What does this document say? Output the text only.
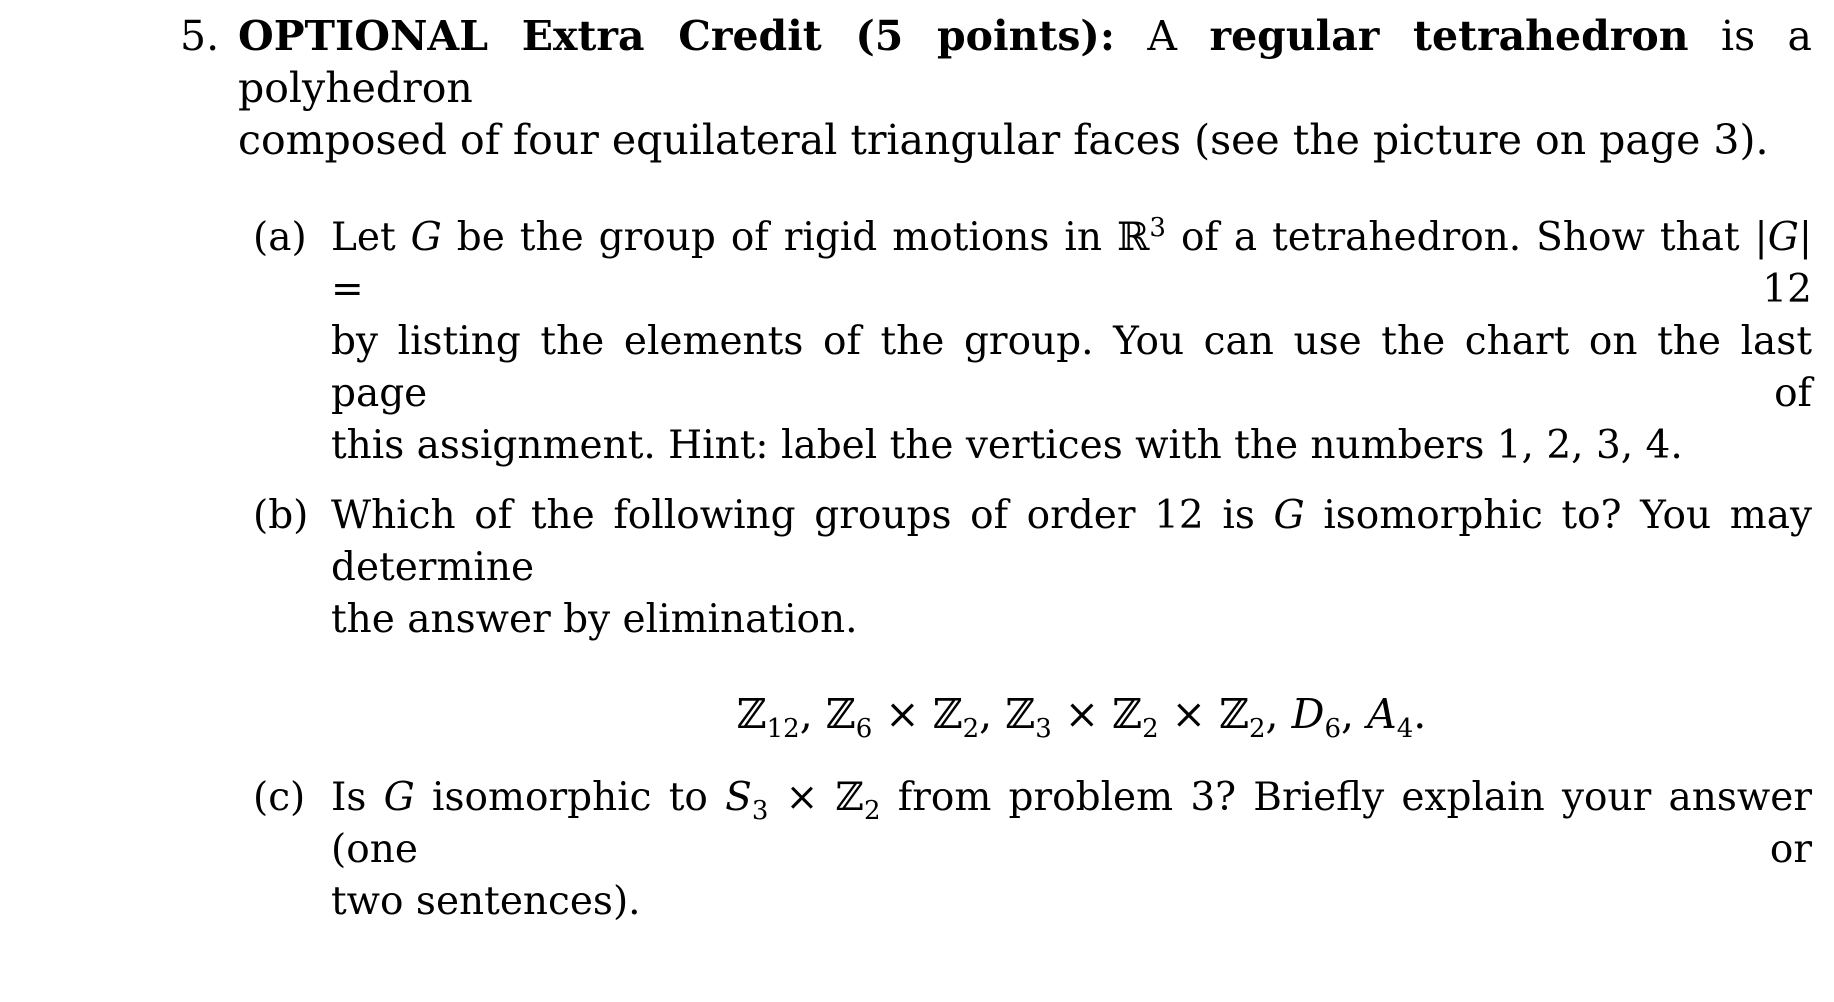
5. OPTIONAL Extra Credit (5 points): A regular tetrahedron is a polyhedron
composed of four equilateral triangular faces (see the picture on page 3).
(a) Let G be the group of rigid motions in ℝ$^3$ of a tetrahedron. Show that |G| = 12
by listing the elements of the group. You can use the chart on the last page of
this assignment. Hint: label the vertices with the numbers 1, 2, 3, 4.
(b) Which of the following groups of order 12 is G isomorphic to? You may determine
the answer by elimination.
ℤ$_{12}$, ℤ$_6$ × ℤ$_2$, ℤ$_3$ × ℤ$_2$ × ℤ$_2$, $D_6$, $A_4$.
(c) Is G isomorphic to $S_3$ × ℤ$_2$ from problem 3? Briefly explain your answer (one or
two sentences).
